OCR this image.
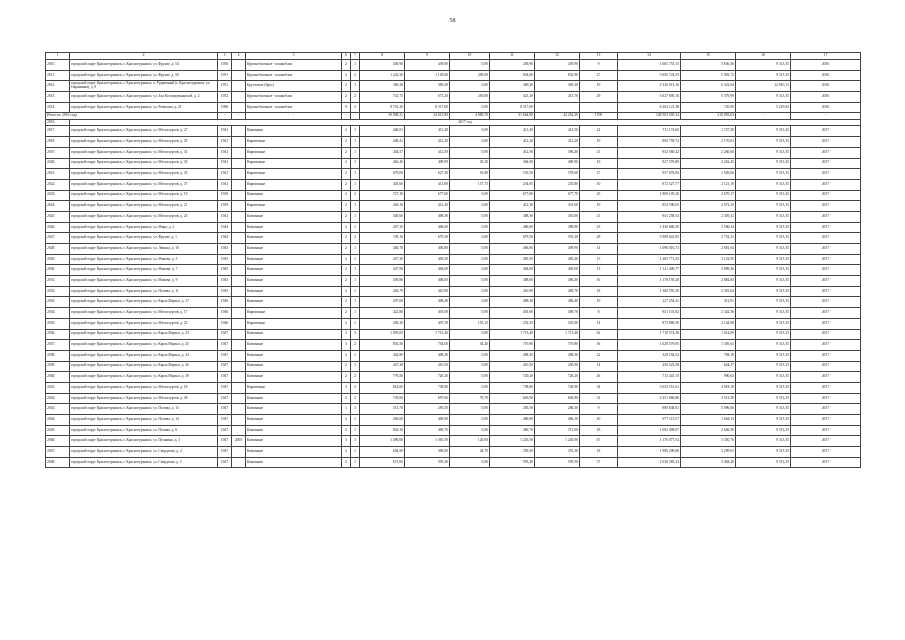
58
1	2	3	4	5	6	7	8	9	10	11	12	13	14	15	16	17
2010.	городской округ Краснотурьинск, г. Краснотурьинск, ул. Фрунзе, д. 54	1950		Крупноблочные ‐ шлакоблок	2	1	439,90	439,90	0,00	439,90	439,90	9	1 665 753,15	3 636,56	9 313,35	2016
2011.	городской округ Краснотурьинск, г. Краснотурьинск, ул. Фрунзе, д. 56	1951		Крупноблочные ‐ шлакоблок	2	2	1 242,56	1 129,60	290,00	834,00	832,90	27	5 650 724,55	5 002,72	9 313,35	2016
2012.	городской округ Краснотурьинск, г. Краснотурьинск, п. Рудничный (г. Краснотурьинск, ул. Окраинная), д. 9	1951		Брусчатые (брус)	2	1	369,20	369,20	0,00	369,20	369,20	19	2 526 013,16	6 322,64	12 010,13	2016
2013.	городской округ Краснотурьинск, г. Краснотурьинск, ул. Зои Космодемьянской, д. 2	1952		Крупноблочные ‐ шлакоблок	2	2	741,75	671,20	250,00	421,20	413,70	29	3 627 695,16	5 379,99	9 313,35	2016
2014.	городской округ Краснотурьинск, г. Краснотурьинск, ул. Ремизова, д. 21	1986		Крупноблочные ‐ шлакоблок	9	3	8 701,20	8 317,00	0,00	8 317,00			6 204 121,38	745,00	5 219,82	2016
Итого по 2016 году		‐	‐	‐	‐	‐	39 098,21	34 613,80	4 069,70	31 664,80	42 261,20	1700	148 503 505,34	210 093,63	‐	‐
2016.	2017 год															
2017.	городской округ Краснотурьинск, г. Краснотурьинск, ул. Металлургов, д. 27	1941		Каменные	2	1	446,01	411,40	0,00	411,40	414,50	22	711 174,60	1 727,50	9 313,35	2017
2018.	городской округ Краснотурьинск, г. Краснотурьинск, ул. Металлургов, д. 29	1941		Кирпичные	2	1	448,41	412,20	0,00	412,20	412,20	19	894 759,72	2 170,63	9 313,35	2017
2019.	городской округ Краснотурьинск, г. Краснотурьинск, ул. Металлургов, д. 31	1941		Кирпичные	2	1	444,57	412,50	0,00	412,50	396,40	21	932 560,42	2 260,60	9 313,35	2017
2020.	городской округ Краснотурьинск, г. Краснотурьинск, ул. Металлургов, д. 33	1941		Кирпичные	2	1	462,40	409,99	45,30	364,69	409,90	16	927 376,80	2 262,45	9 313,35	2017
2021.	городской округ Краснотурьинск, г. Краснотурьинск, ул. Металлургов, д. 35	1941		Кирпичные	2	1	679,00	627,30	91,80	535,50	578,60	27	957 676,94	1 526,66	9 313,35	2017
2022.	городской округ Краснотурьинск, г. Краснотурьинск, ул. Металлургов, д. 37	1941		Кирпичные	2	1	443,60	411,80	157,75	254,05	255,80	10	872 327,77	2 121,19	9 313,35	2017
2023.	городской округ Краснотурьинск, г. Краснотурьинск, ул. Металлургов, д. 19	1939		Каменные	2	2	727,10	677,60	0,00	677,60	677,70	25	1 809 105,30	2 670,17	9 313,35	2017
2024.	городской округ Краснотурьинск, г. Краснотурьинск, ул. Металлургов, д. 21	1939		Кирпичные	2	1	445,10	412,30	0,00	412,30	431,00	19	854 590,65	2 072,25	9 313,35	2017
2025.	городской округ Краснотурьинск, г. Краснотурьинск, ул. Металлургов, д. 23	1941		Каменные	2	1	440,60	408,30	0,00	408,30	410,00	21	941 258,54	2 305,31	9 313,35	2017
2026.	городской округ Краснотурьинск, г. Краснотурьинск, ул. Мира, д. 2	1944		Каменные	2	1	437,10	406,00	0,00	406,00	389,90	23	1 430 660,50	3 506,34	9 313,35	2017
2027.	городской округ Краснотурьинск, г. Краснотурьинск, ул. Фрунзе, д. 1	1944		Каменные	2	2	729,10	679,50	0,00	679,50	591,20	28	3 908 641,85	5 752,31	9 313,35	2017
2028.	городской округ Краснотурьинск, г. Краснотурьинск, ул. Ленина, д. 10	1945		Каменные	2	1	440,70	406,80	0,00	406,80	409,90	14	1 096 010,73	2 681,04	9 313,35	2017
2029.	городской округ Краснотурьинск, г. Краснотурьинск, ул. Микова, д. 5	1945		Каменные	2	1	437,30	405,50	0,00	405,50	405,40	15	1 265 771,43	3 122,95	9 313,35	2017
2030.	городской округ Краснотурьинск, г. Краснотурьинск, ул. Микова, д. 7	1945		Каменные	2	1	437,90	404,00	0,00	404,00	405,00	13	1 121 409,77	2 899,36	9 313,35	2017
2031.	городской округ Краснотурьинск, г. Краснотурьинск, ул. Микова, д. 9	1945		Каменные	2	1	439,86	408,00	0,00	408,00	406,30	16	1 176 193,20	2 882,83	9 313,35	2017
2032.	городской округ Краснотурьинск, г. Краснотурьинск, ул. Попова, д. 11	1945		Каменные	2	1	443,79	410,90	0,00	410,90	409,70	18	1 360 555,30	3 301,62	9 313,35	2017
2033.	городской округ Краснотурьинск, г. Краснотурьинск, ул. Карла Маркса, д. 27	1946		Каменные	2	1	437,60	408,40	0,00	408,40	406,40	19	127 254,41	312,01	9 313,35	2017
2034.	городской округ Краснотурьинск, г. Краснотурьинск, ул. Металлургов, д. 17	1946		Кирпичные	2	1	422,80	401,60	0,00	401,60	409,70	8	941 101,82	2 342,56	9 313,35	2017
2035.	городской округ Краснотурьинск, г. Краснотурьинск, ул. Металлургов, д. 25	1946		Кирпичные	2	1	439,20	407,50	155,15	252,35	301,00	14	873 869,59	2 144,98	9 313,35	2017
2036.	городской округ Краснотурьинск, г. Краснотурьинск, ул. Карла Маркса, д. 23	1947		Каменные	3	3	1 895,00	1 713,40	0,00	1 713,40	1 713,40	62	1 710 574,38	1 014,00	9 313,35	2017
2037.	городской округ Краснотурьинск, г. Краснотурьинск, ул. Карла Маркса, д. 25	1947		Каменные	3	2	835,50	754,00	34,20	719,80	719,80	36	1 028 579,05	1 395,61	9 313,35	2017
2038.	городской округ Краснотурьинск, г. Краснотурьинск, ул. Карла Маркса, д. 34	1947		Каменные	2	1	442,80	408,30	0,00	408,30	408,30	22	320 184,52	784,19	9 313,35	2017
2039.	городской округ Краснотурьинск, г. Краснотурьинск, ул. Карла Маркса, д. 36	1947		Каменные	2	1	447,20	410,50	0,00	410,50	430,90	14	256 523,58	624,17	9 313,35	2017
2040.	городской округ Краснотурьинск, г. Краснотурьинск, ул. Карла Маркса, д. 39	1947		Каменные	2	2	776,50	720,20	0,00	720,20	726,20	26	713 441,15	990,63	9 313,35	2017
2041.	городской округ Краснотурьинск, г. Краснотурьинск, ул. Металлургов, д. 18	1947		Кирпичные	3	3	814,00	738,80	0,00	738,80	740,90	34	3 633 551,61	4 918,18	9 313,35	2017
2042.	городской округ Краснотурьинск, г. Краснотурьинск, ул. Металлургов, д. 49	1947		Каменные	2	3	745,60	697,60	70,70	626,90	626,90	32	2 451 066,86	3 513,58	9 313,35	2017
2043.	городской округ Краснотурьинск, г. Краснотурьинск, ул. Попова, д. 13	1947		Каменные	1	3	311,70	285,50	0,00	285,50	286,30	9	880 638,81	3 096,06	9 313,35	2017
2044.	городской округ Краснотурьинск, г. Краснотурьинск, ул. Попова, д. 14	1947		Каменные	2	1	436,60	406,90	0,00	406,90	406,10	20	677 115,57	1 664,13	9 313,35	2017
2045.	городской округ Краснотурьинск, г. Краснотурьинск, ул. Попова, д. 6	1947		Каменные	2	1	842,10	469,70	0,00	469,70	371,00	18	1 092 499,07	2 646,56	9 313,35	2017
2046.	городской округ Краснотурьинск, г. Краснотурьинск, ул. Пушкина, д. 2	1947	2005	Каменные	3	3	1 490,00	1 365,50	120,00	1 245,50	1 245,00	67	1 176 077,54	3 350,76	9 313,35	2017
2047.	городской округ Краснотурьинск, г. Краснотурьинск, ул. Свердлова, д. 4	1947		Каменные	2	1	604,90	396,00	44,70	359,30	351,30	18	1 996 299,68	3 299,01	9 313,35	2017
2048.	городской округ Краснотурьинск, г. Краснотурьинск, ул. Свердлова, д. 5	1947		Каменные	2	1	671,00	595,40	0,00	595,40	595,50	37	2 026 583,23	3 404,20	9 313,35	2017
